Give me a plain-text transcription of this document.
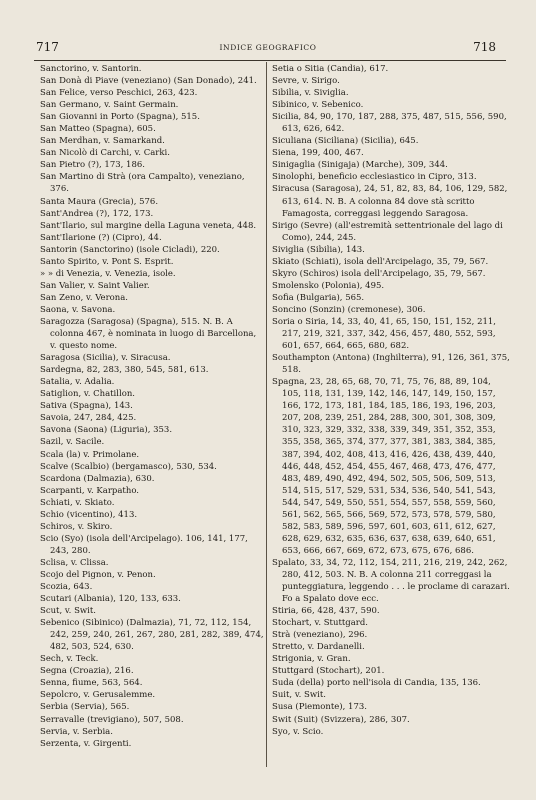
717	INDICE GEOGRAFICO	718
Sanctorino, v. Santorin.
San Donà di Piave (veneziano) (San Donado), 241.
San Felice, verso Peschici, 263, 423.
San Germano, v. Saint Germain.
San Giovanni in Porto (Spagna), 515.
San Matteo (Spagna), 605.
San Merdhan, v. Samarkand.
San Nicolò di Carchi, v. Carki.
San Pietro (?), 173, 186.
San Martino di Strà (ora Campalto), veneziano, 376.
Santa Maura (Grecia), 576.
Sant'Andrea (?), 172, 173.
Sant'Ilario, sul margine della Laguna veneta, 448.
Sant'Ilarione (?) (Cipro), 44.
Santorin (Sanctorino) (isole Cicladi), 220.
Santo Spirito, v. Pont S. Esprit.
» » di Venezia, v. Venezia, isole.
San Valier, v. Saint Valier.
San Zeno, v. Verona.
Saona, v. Savona.
Saragozza (Saragosa) (Spagna), 515. N. B. A colonna 467, è nominata in luogo di Barcellona, v. questo nome.
Saragosa (Sicilia), v. Siracusa.
Sardegna, 82, 283, 380, 545, 581, 613.
Satalia, v. Adalia.
Satiglion, v. Chatillon.
Sativa (Spagna), 143.
Savoia, 247, 284, 425.
Savona (Saona) (Liguria), 353.
Sazil, v. Sacile.
Scala (la) v. Primolane.
Scalve (Scalbio) (bergamasco), 530, 534.
Scardona (Dalmazia), 630.
Scarpanti, v. Karpatho.
Schiati, v. Skiato.
Schio (vicentino), 413.
Schiros, v. Skiro.
Scio (Syo) (isola dell'Arcipelago). 106, 141, 177, 243, 280.
Sclisa, v. Clissa.
Scojo del Pignon, v. Penon.
Scozia, 643.
Scutari (Albania), 120, 133, 633.
Scut, v. Swit.
Sebenico (Sibinico) (Dalmazia), 71, 72, 112, 154, 242, 259, 240, 261, 267, 280, 281, 282, 389, 474, 482, 503, 524, 630.
Sech, v. Teck.
Segna (Croazia), 216.
Senna, fiume, 563, 564.
Sepolcro, v. Gerusalemme.
Serbia (Servia), 565.
Serravalle (trevigiano), 507, 508.
Servia, v. Serbia.
Serzenta, v. Girgenti.
Setia o Sitia (Candia), 617.
Sevre, v. Sirigo.
Sibilia, v. Siviglia.
Sibinico, v. Sebenico.
Sicilia, 84, 90, 170, 187, 288, 375, 487, 515, 556, 590, 613, 626, 642.
Siculiana (Siciliana) (Sicilia), 645.
Siena, 199, 400, 467.
Sinigaglia (Sinigaja) (Marche), 309, 344.
Sinolophi, beneficio ecclesiastico in Cipro, 313.
Siracusa (Saragosa), 24, 51, 82, 83, 84, 106, 129, 582, 613, 614. N. B. A colonna 84 dove stà scritto Famagosta, correggasi leggendo Saragosa.
Sirigo (Sevre) (all'estremità settentrionale del lago di Como), 244, 245.
Siviglia (Sibilia), 143.
Skiato (Schiati), isola dell'Arcipelago, 35, 79, 567.
Skyro (Schiros) isola dell'Arcipelago, 35, 79, 567.
Smolensko (Polonia), 495.
Sofia (Bulgaria), 565.
Soncino (Sonzin) (cremonese), 306.
Soria o Siria, 14, 33, 40, 41, 65, 150, 151, 152, 211, 217, 219, 321, 337, 342, 456, 457, 480, 552, 593, 601, 657, 664, 665, 680, 682.
Southampton (Antona) (Inghilterra), 91, 126, 361, 375, 518.
Spagna, 23, 28, 65, 68, 70, 71, 75, 76, 88, 89, 104, 105, 118, 131, 139, 142, 146, 147, 149, 150, 157, 166, 172, 173, 181, 184, 185, 186, 193, 196, 203, 207, 208, 239, 251, 284, 288, 300, 301, 308, 309, 310, 323, 329, 332, 338, 339, 349, 351, 352, 353, 355, 358, 365, 374, 377, 377, 381, 383, 384, 385, 387, 394, 402, 408, 413, 416, 426, 438, 439, 440, 446, 448, 452, 454, 455, 467, 468, 473, 476, 477, 483, 489, 490, 492, 494, 502, 505, 506, 509, 513, 514, 515, 517, 529, 531, 534, 536, 540, 541, 543, 544, 547, 549, 550, 551, 554, 557, 558, 559, 560, 561, 562, 565, 566, 569, 572, 573, 578, 579, 580, 582, 583, 589, 596, 597, 601, 603, 611, 612, 627, 628, 629, 632, 635, 636, 637, 638, 639, 640, 651, 653, 666, 667, 669, 672, 673, 675, 676, 686.
Spalato, 33, 34, 72, 112, 154, 211, 216, 219, 242, 262, 280, 412, 503. N. B. A colonna 211 correggasi la punteggiatura, leggendo . . . le proclame di carazari. Fo a Spalato dove ecc.
Stiria, 66, 428, 437, 590.
Stochart, v. Stuttgard.
Strà (veneziano), 296.
Stretto, v. Dardanelli.
Strigonia, v. Gran.
Stuttgard (Stochart), 201.
Suda (della) porto nell'isola di Candia, 135, 136.
Suit, v. Swit.
Susa (Piemonte), 173.
Swit (Suit) (Svizzera), 286, 307.
Syo, v. Scio.
